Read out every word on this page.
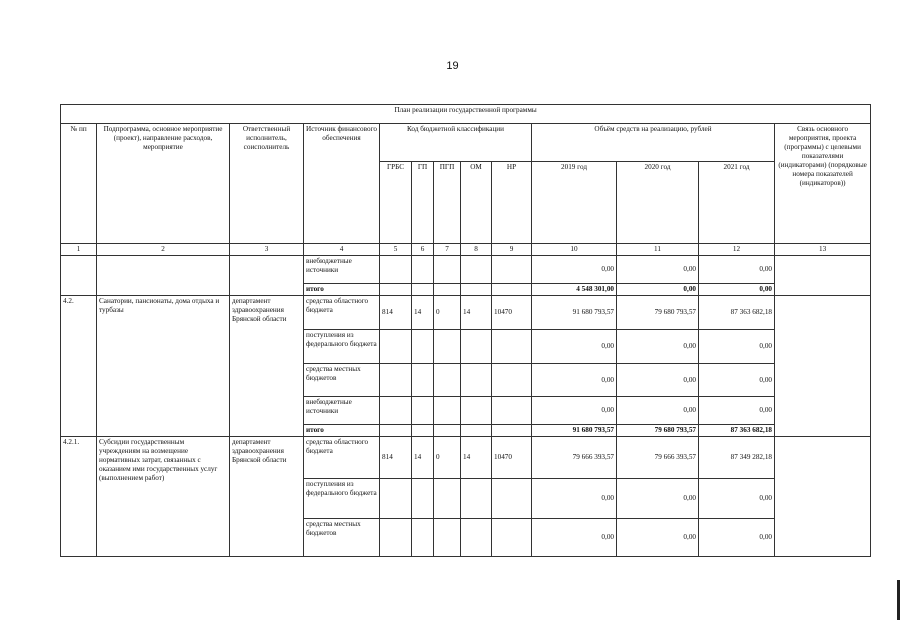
19
План реализации государственной программы												
№ пп	Подпрограмма, основное мероприятие (проект), направление расходов, мероприятие	Ответственный исполнитель, соисполнитель	Источник финансового обеспечения	Код бюджетной классификации					Объём средств на реализацию, рублей			Связь основного мероприятия, проекта (программы) с целевыми показателями (индикаторами) (порядковые номера показателей (индикаторов))
				ГРБС	ГП	ПГП	ОМ	НР	2019 год	2020 год	2021 год	
1	2	3	4	5	6	7	8	9	10	11	12	13
			внебюджетные источники						0,00	0,00	0,00	
			итого						4 548 301,00	0,00	0,00	
4.2.	Санатории, пансионаты, дома отдыха и турбазы	департамент здравоохранения Брянской области	средства областного бюджета	814	14	0	14	10470	91 680 793,57	79 680 793,57	87 363 682,18	
			поступления из федерального бюджета						0,00	0,00	0,00	
			средства местных бюджетов						0,00	0,00	0,00	
			внебюджетные источники						0,00	0,00	0,00	
			итого						91 680 793,57	79 680 793,57	87 363 682,18	
4.2.1.	Субсидии государственным учреждениям на возмещение нормативных затрат, связанных с оказанием ими государственных услуг (выполнением работ)	департамент здравоохранения Брянской области	средства областного бюджета	814	14	0	14	10470	79 666 393,57	79 666 393,57	87 349 282,18	
			поступления из федерального бюджета						0,00	0,00	0,00	
			средства местных бюджетов						0,00	0,00	0,00	
